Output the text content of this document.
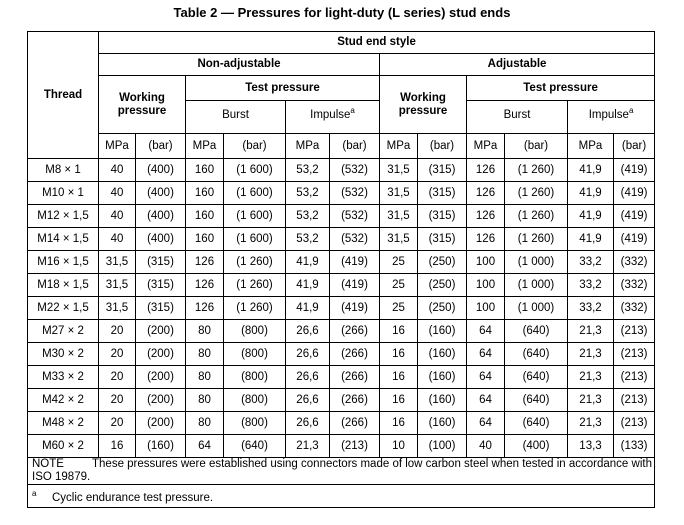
Table 2 — Pressures for light-duty (L series) stud ends
Thread	Stud end style											
	Non-adjustable						Adjustable					
	Working pressure		Test pressure				Working pressure		Test pressure			
			Burst		Impulse$^a$				Burst		Impulse$^a$
	MPa	(bar)	MPa	(bar)	MPa	(bar)	MPa	(bar)	MPa	(bar)	MPa	(bar)
M8 × 1	40	(400)	160	(1 600)	53,2	(532)	31,5	(315)	126	(1 260)	41,9	(419)
M10 × 1	40	(400)	160	(1 600)	53,2	(532)	31,5	(315)	126	(1 260)	41,9	(419)
M12 × 1,5	40	(400)	160	(1 600)	53,2	(532)	31,5	(315)	126	(1 260)	41,9	(419)
M14 × 1,5	40	(400)	160	(1 600)	53,2	(532)	31,5	(315)	126	(1 260)	41,9	(419)
M16 × 1,5	31,5	(315)	126	(1 260)	41,9	(419)	25	(250)	100	(1 000)	33,2	(332)
M18 × 1,5	31,5	(315)	126	(1 260)	41,9	(419)	25	(250)	100	(1 000)	33,2	(332)
M22 × 1,5	31,5	(315)	126	(1 260)	41,9	(419)	25	(250)	100	(1 000)	33,2	(332)
M27 × 2	20	(200)	80	(800)	26,6	(266)	16	(160)	64	(640)	21,3	(213)
M30 × 2	20	(200)	80	(800)	26,6	(266)	16	(160)	64	(640)	21,3	(213)
M33 × 2	20	(200)	80	(800)	26,6	(266)	16	(160)	64	(640)	21,3	(213)
M42 × 2	20	(200)	80	(800)	26,6	(266)	16	(160)	64	(640)	21,3	(213)
M48 × 2	20	(200)	80	(800)	26,6	(266)	16	(160)	64	(640)	21,3	(213)
M60 × 2	16	(160)	64	(640)	21,3	(213)	10	(100)	40	(400)	13,3	(133)
NOTE These pressures were established using connectors made of low carbon steel when tested in accordance with ISO 19879.												
a Cyclic endurance test pressure.												
